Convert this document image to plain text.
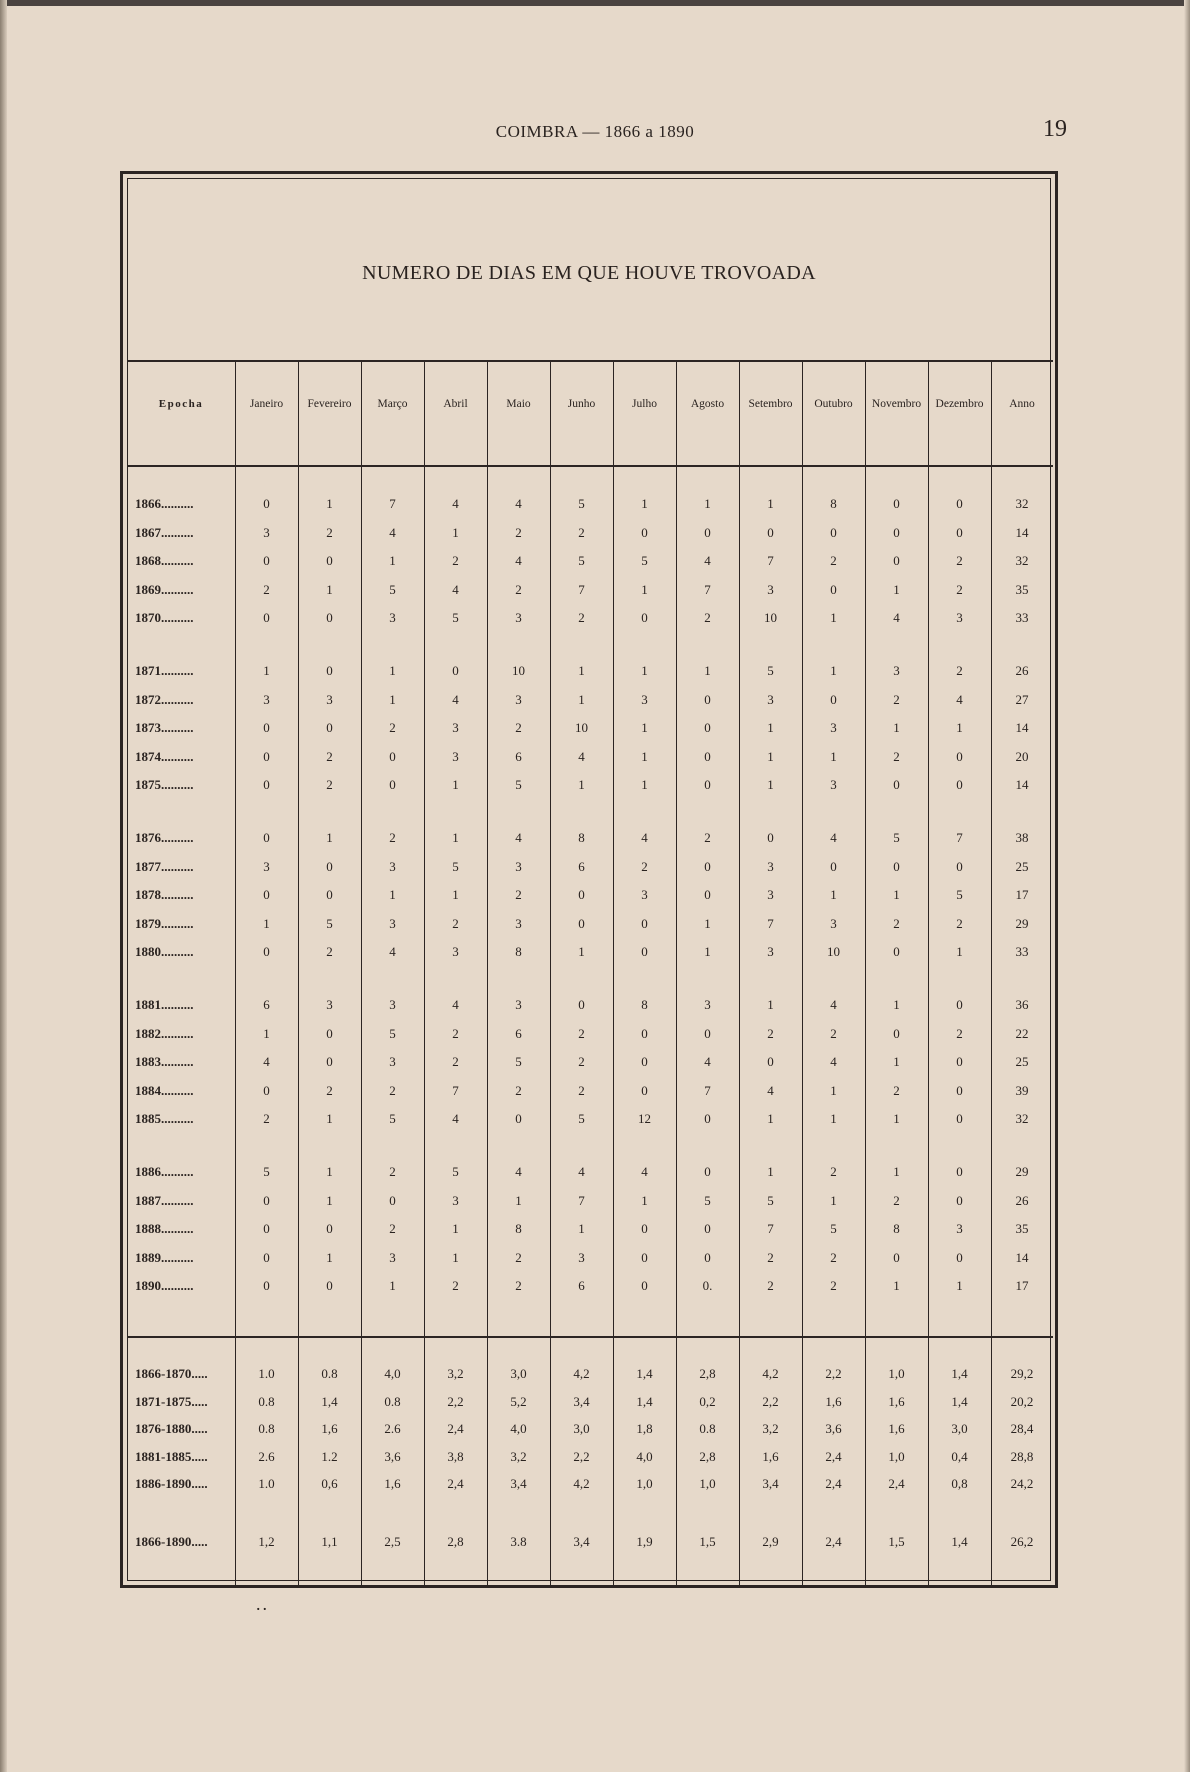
COIMBRA — 1866 a 1890	19
NUMERO DE DIAS EM QUE HOUVE TROVOADA
Epocha	Janeiro	Fevereiro	Março	Abril	Maio	Junho	Julho	Agosto	Setembro	Outubro	Novembro	Dezembro	Anno
1866..........	0	1	7	4	4	5	1	1	1	8	0	0	32
1867..........	3	2	4	1	2	2	0	0	0	0	0	0	14
1868..........	0	0	1	2	4	5	5	4	7	2	0	2	32
1869..........	2	1	5	4	2	7	1	7	3	0	1	2	35
1870..........	0	0	3	5	3	2	0	2	10	1	4	3	33
1871..........	1	0	1	0	10	1	1	1	5	1	3	2	26
1872..........	3	3	1	4	3	1	3	0	3	0	2	4	27
1873..........	0	0	2	3	2	10	1	0	1	3	1	1	14
1874..........	0	2	0	3	6	4	1	0	1	1	2	0	20
1875..........	0	2	0	1	5	1	1	0	1	3	0	0	14
1876..........	0	1	2	1	4	8	4	2	0	4	5	7	38
1877..........	3	0	3	5	3	6	2	0	3	0	0	0	25
1878..........	0	0	1	1	2	0	3	0	3	1	1	5	17
1879..........	1	5	3	2	3	0	0	1	7	3	2	2	29
1880..........	0	2	4	3	8	1	0	1	3	10	0	1	33
1881..........	6	3	3	4	3	0	8	3	1	4	1	0	36
1882..........	1	0	5	2	6	2	0	0	2	2	0	2	22
1883..........	4	0	3	2	5	2	0	4	0	4	1	0	25
1884..........	0	2	2	7	2	2	0	7	4	1	2	0	39
1885..........	2	1	5	4	0	5	12	0	1	1	1	0	32
1886..........	5	1	2	5	4	4	4	0	1	2	1	0	29
1887..........	0	1	0	3	1	7	1	5	5	1	2	0	26
1888..........	0	0	2	1	8	1	0	0	7	5	8	3	35
1889..........	0	1	3	1	2	3	0	0	2	2	0	0	14
1890..........	0	0	1	2	2	6	0	0.	2	2	1	1	17
1866-1870.....	1.0	0.8	4,0	3,2	3,0	4,2	1,4	2,8	4,2	2,2	1,0	1,4	29,2
1871-1875.....	0.8	1,4	0.8	2,2	5,2	3,4	1,4	0,2	2,2	1,6	1,6	1,4	20,2
1876-1880.....	0.8	1,6	2.6	2,4	4,0	3,0	1,8	0.8	3,2	3,6	1,6	3,0	28,4
1881-1885.....	2.6	1.2	3,6	3,8	3,2	2,2	4,0	2,8	1,6	2,4	1,0	0,4	28,8
1886-1890.....	1.0	0,6	1,6	2,4	3,4	4,2	1,0	1,0	3,4	2,4	2,4	0,8	24,2
1866-1890.....	1,2	1,1	2,5	2,8	3.8	3,4	1,9	1,5	2,9	2,4	1,5	1,4	26,2
..
